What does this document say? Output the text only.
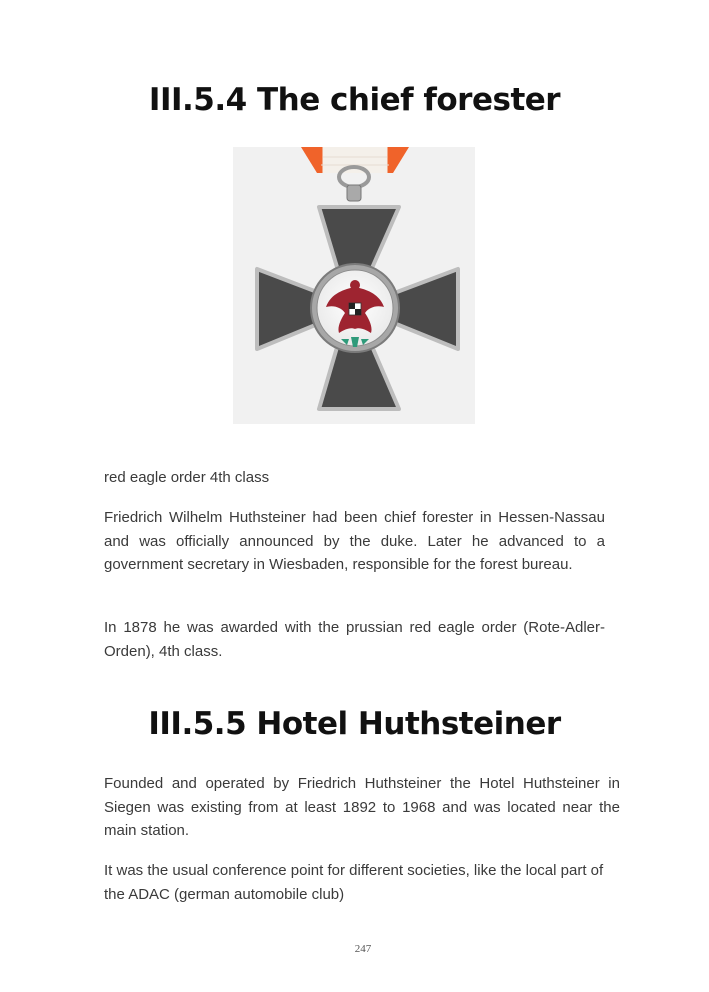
III.5.4 The chief forester

red eagle order 4th class

Friedrich Wilhelm Huthsteiner had been chief forester in Hessen-Nassau and was officially announced by the duke. Later he advanced to a government secretary in Wiesbaden, responsible for the forest bureau.

In 1878 he was awarded with the prussian red eagle order (Rote-Adler-Orden), 4th class.

III.5.5 Hotel Huthsteiner

Founded and operated by Friedrich Huthsteiner the Hotel Huthsteiner in Siegen was existing from at least 1892 to 1968 and was located near the main station.

It was the usual conference point for different societies, like the local part of the ADAC (german automobile club)

247
